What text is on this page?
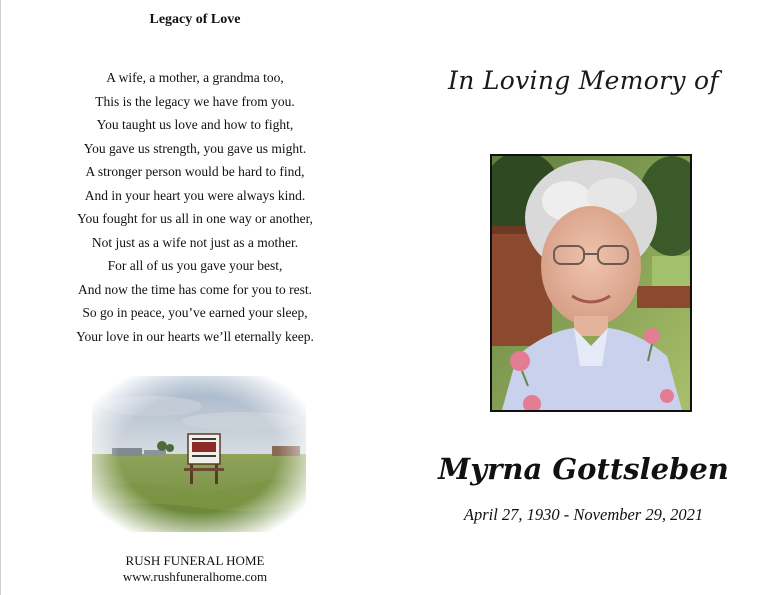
Legacy of Love
A wife, a mother, a grandma too,
This is the legacy we have from you.
You taught us love and how to fight,
You gave us strength, you gave us might.
A stronger person would be hard to find,
And in your heart you were always kind.
You fought for us all in one way or another,
Not just as a wife not just as a mother.
For all of us you gave your best,
And now the time has come for you to rest.
So go in peace, you’ve earned your sleep,
Your love in our hearts we’ll eternally keep.
RUSH FUNERAL HOME
www.rushfuneralhome.com
In Loving Memory of
Myrna Gottsleben
April 27, 1930 - November 29, 2021
